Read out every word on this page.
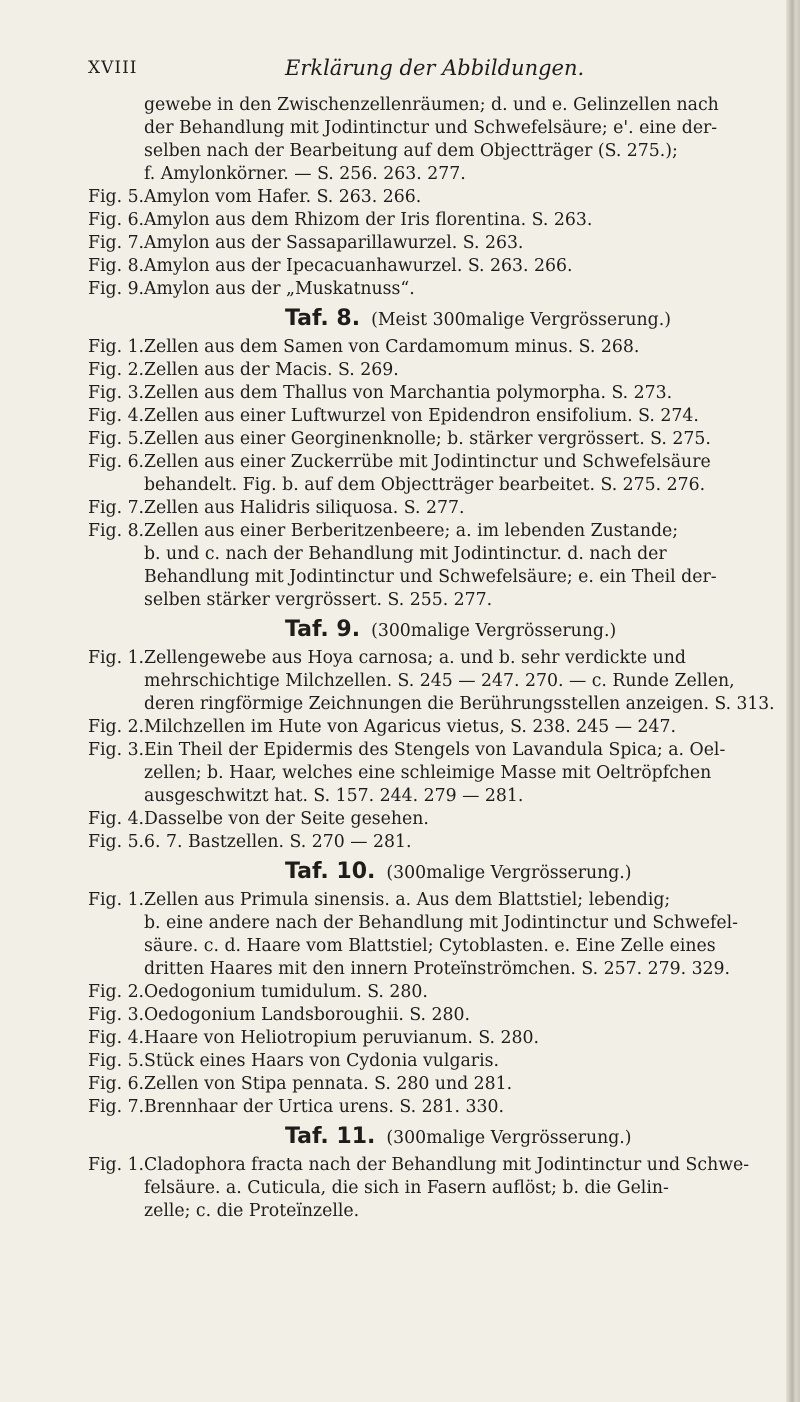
XVIII	Erklärung der Abbildungen.
gewebe in den Zwischenzellenräumen; d. und e. Gelinzellen nach
der Behandlung mit Jodintinctur und Schwefelsäure; e'. eine der-
selben nach der Bearbeitung auf dem Objectträger (S. 275.);
f. Amylonkörner. — S. 256. 263. 277.
Fig. 5. Amylon vom Hafer. S. 263. 266.
Fig. 6. Amylon aus dem Rhizom der Iris florentina. S. 263.
Fig. 7. Amylon aus der Sassaparillawurzel. S. 263.
Fig. 8. Amylon aus der Ipecacuanhawurzel. S. 263. 266.
Fig. 9. Amylon aus der „Muskatnuss“.
Taf. 8. (Meist 300malige Vergrösserung.)
Fig. 1. Zellen aus dem Samen von Cardamomum minus. S. 268.
Fig. 2. Zellen aus der Macis. S. 269.
Fig. 3. Zellen aus dem Thallus von Marchantia polymorpha. S. 273.
Fig. 4. Zellen aus einer Luftwurzel von Epidendron ensifolium. S. 274.
Fig. 5. Zellen aus einer Georginenknolle; b. stärker vergrössert. S. 275.
Fig. 6. Zellen aus einer Zuckerrübe mit Jodintinctur und Schwefelsäure
behandelt. Fig. b. auf dem Objectträger bearbeitet. S. 275. 276.
Fig. 7. Zellen aus Halidris siliquosa. S. 277.
Fig. 8. Zellen aus einer Berberitzenbeere; a. im lebenden Zustande;
b. und c. nach der Behandlung mit Jodintinctur. d. nach der
Behandlung mit Jodintinctur und Schwefelsäure; e. ein Theil der-
selben stärker vergrössert. S. 255. 277.
Taf. 9. (300malige Vergrösserung.)
Fig. 1. Zellengewebe aus Hoya carnosa; a. und b. sehr verdickte und
mehrschichtige Milchzellen. S. 245 — 247. 270. — c. Runde Zellen,
deren ringförmige Zeichnungen die Berührungsstellen anzeigen. S. 313.
Fig. 2. Milchzellen im Hute von Agaricus vietus, S. 238. 245 — 247.
Fig. 3. Ein Theil der Epidermis des Stengels von Lavandula Spica; a. Oel-
zellen; b. Haar, welches eine schleimige Masse mit Oeltröpfchen
ausgeschwitzt hat. S. 157. 244. 279 — 281.
Fig. 4. Dasselbe von der Seite gesehen.
Fig. 5. 6. 7. Bastzellen. S. 270 — 281.
Taf. 10. (300malige Vergrösserung.)
Fig. 1. Zellen aus Primula sinensis. a. Aus dem Blattstiel; lebendig;
b. eine andere nach der Behandlung mit Jodintinctur und Schwefel-
säure. c. d. Haare vom Blattstiel; Cytoblasten. e. Eine Zelle eines
dritten Haares mit den innern Proteïnströmchen. S. 257. 279. 329.
Fig. 2. Oedogonium tumidulum. S. 280.
Fig. 3. Oedogonium Landsboroughii. S. 280.
Fig. 4. Haare von Heliotropium peruvianum. S. 280.
Fig. 5. Stück eines Haars von Cydonia vulgaris.
Fig. 6. Zellen von Stipa pennata. S. 280 und 281.
Fig. 7. Brennhaar der Urtica urens. S. 281. 330.
Taf. 11. (300malige Vergrösserung.)
Fig. 1. Cladophora fracta nach der Behandlung mit Jodintinctur und Schwe-
felsäure. a. Cuticula, die sich in Fasern auflöst; b. die Gelin-
zelle; c. die Proteïnzelle.
